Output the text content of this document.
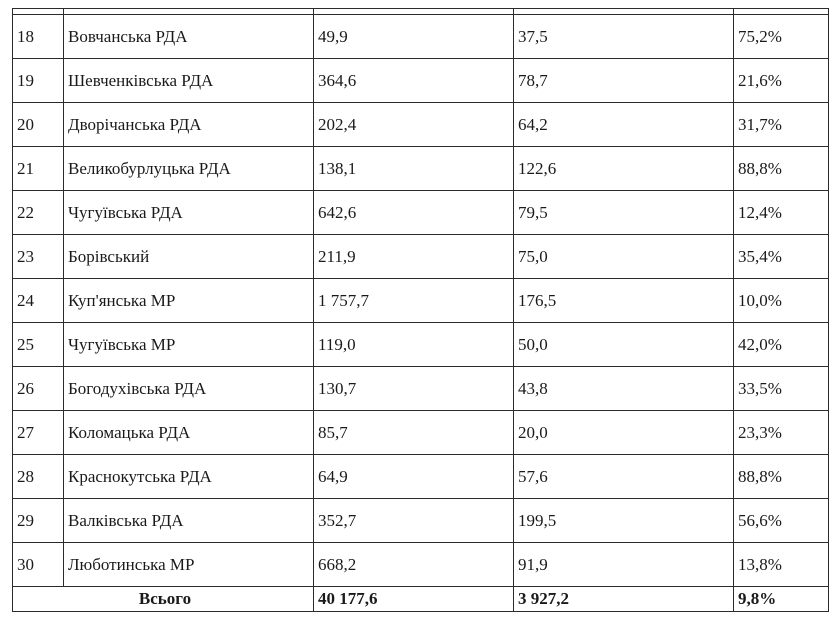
18	Вовчанська РДА	49,9	37,5	75,2%
19	Шевченківська РДА	364,6	78,7	21,6%
20	Дворічанська РДА	202,4	64,2	31,7%
21	Великобурлуцька РДА	138,1	122,6	88,8%
22	Чугуївська РДА	642,6	79,5	12,4%
23	Борівський	211,9	75,0	35,4%
24	Куп'янська МР	1 757,7	176,5	10,0%
25	Чугуївська МР	119,0	50,0	42,0%
26	Богодухівська РДА	130,7	43,8	33,5%
27	Коломацька РДА	85,7	20,0	23,3%
28	Краснокутська РДА	64,9	57,6	88,8%
29	Валківська РДА	352,7	199,5	56,6%
30	Люботинська МР	668,2	91,9	13,8%
Всього		40 177,6	3 927,2	9,8%
